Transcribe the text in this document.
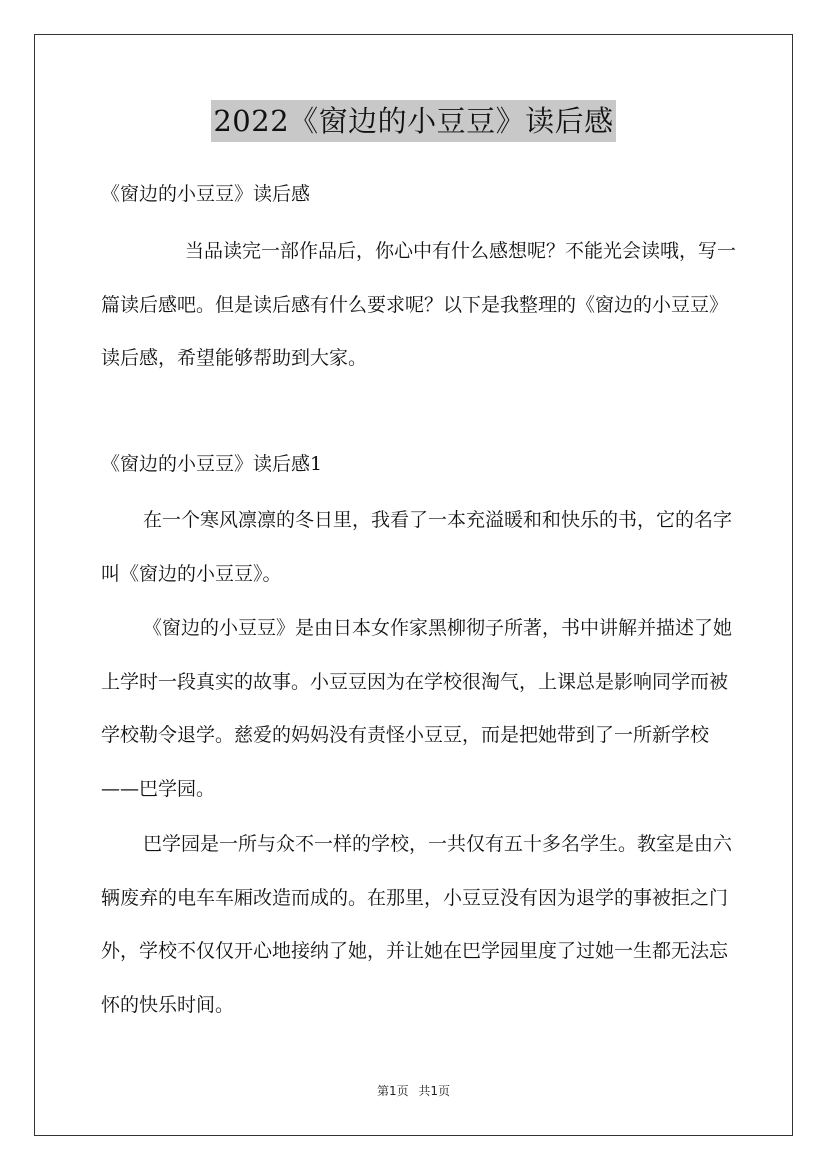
2022《窗边的小豆豆》读后感

《窗边的小豆豆》读后感

当品读完一部作品后，你心中有什么感想呢？不能光会读哦，写一篇读后感吧。但是读后感有什么要求呢？以下是我整理的《窗边的小豆豆》读后感，希望能够帮助到大家。

《窗边的小豆豆》读后感1

在一个寒风凛凛的冬日里，我看了一本充溢暖和和快乐的书，它的名字叫《窗边的小豆豆》。

《窗边的小豆豆》是由日本女作家黑柳彻子所著，书中讲解并描述了她上学时一段真实的故事。小豆豆因为在学校很淘气，上课总是影响同学而被学校勒令退学。慈爱的妈妈没有责怪小豆豆，而是把她带到了一所新学校——巴学园。

巴学园是一所与众不一样的学校，一共仅有五十多名学生。教室是由六辆废弃的电车车厢改造而成的。在那里，小豆豆没有因为退学的事被拒之门外，学校不仅仅开心地接纳了她，并让她在巴学园里度了过她一生都无法忘怀的快乐时间。

第1页 共1页
